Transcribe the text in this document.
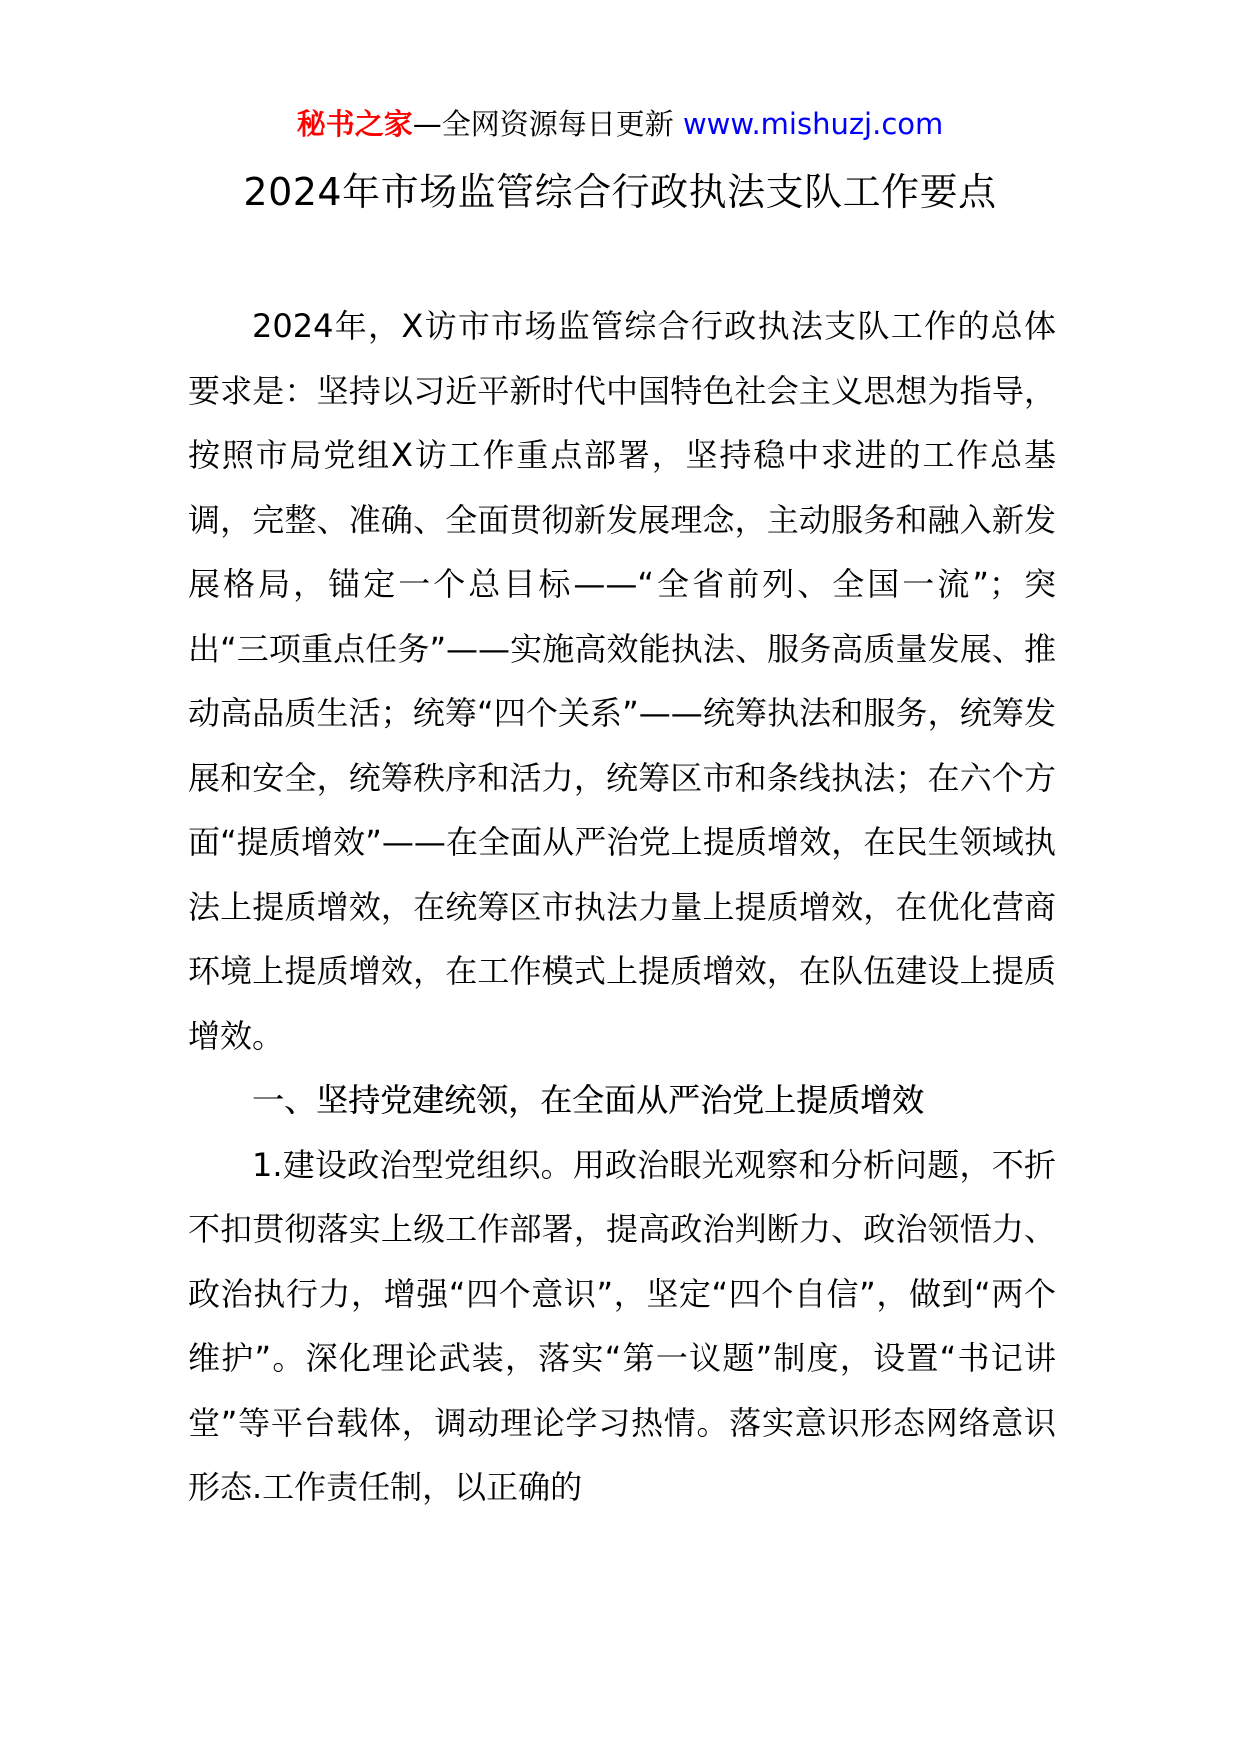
秘书之家—全网资源每日更新 www.mishuzj.com
2024年市场监管综合行政执法支队工作要点

2024年，X访市市场监管综合行政执法支队工作的总体要求是：坚持以习近平新时代中国特色社会主义思想为指导，按照市局党组X访工作重点部署，坚持稳中求进的工作总基调，完整、准确、全面贯彻新发展理念，主动服务和融入新发展格局，锚定一个总目标——“全省前列、全国一流”；突出“三项重点任务”——实施高效能执法、服务高质量发展、推动高品质生活；统筹“四个关系”——统筹执法和服务，统筹发展和安全，统筹秩序和活力，统筹区市和条线执法；在六个方面“提质增效”——在全面从严治党上提质增效，在民生领域执法上提质增效，在统筹区市执法力量上提质增效，在优化营商环境上提质增效，在工作模式上提质增效，在队伍建设上提质增效。

一、坚持党建统领，在全面从严治党上提质增效

1.建设政治型党组织。用政治眼光观察和分析问题，不折不扣贯彻落实上级工作部署，提高政治判断力、政治领悟力、政治执行力，增强“四个意识”，坚定“四个自信”，做到“两个维护”。深化理论武装，落实“第一议题”制度，设置“书记讲堂”等平台载体，调动理论学习热情。落实意识形态网络意识形态.工作责任制，以正确的
